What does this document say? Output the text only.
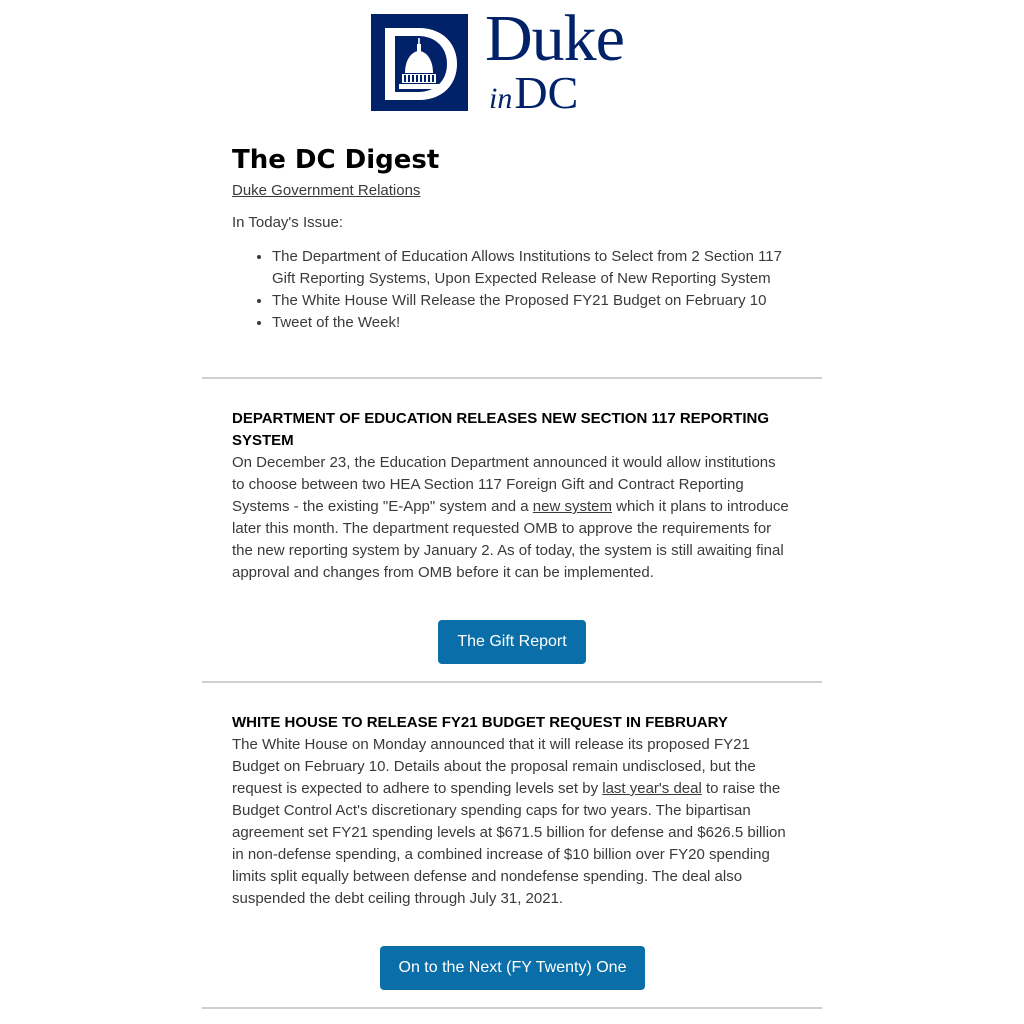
Duke
inDC
The DC Digest
Duke Government Relations
In Today's Issue:
• The Department of Education Allows Institutions to Select from 2 Section 117 Gift Reporting Systems, Upon Expected Release of New Reporting System
• The White House Will Release the Proposed FY21 Budget on February 10
• Tweet of the Week!
DEPARTMENT OF EDUCATION RELEASES NEW SECTION 117 REPORTING SYSTEM

On December 23, the Education Department announced it would allow institutions to choose between two HEA Section 117 Foreign Gift and Contract Reporting Systems - the existing "E-App" system and a new system which it plans to introduce later this month. The department requested OMB to approve the requirements for the new reporting system by January 2. As of today, the system is still awaiting final approval and changes from OMB before it can be implemented.

The Gift Report
WHITE HOUSE TO RELEASE FY21 BUDGET REQUEST IN FEBRUARY

The White House on Monday announced that it will release its proposed FY21 Budget on February 10. Details about the proposal remain undisclosed, but the request is expected to adhere to spending levels set by last year's deal to raise the Budget Control Act's discretionary spending caps for two years. The bipartisan agreement set FY21 spending levels at $671.5 billion for defense and $626.5 billion in non-defense spending, a combined increase of $10 billion over FY20 spending limits split equally between defense and nondefense spending. The deal also suspended the debt ceiling through July 31, 2021.

On to the Next (FY Twenty) One
